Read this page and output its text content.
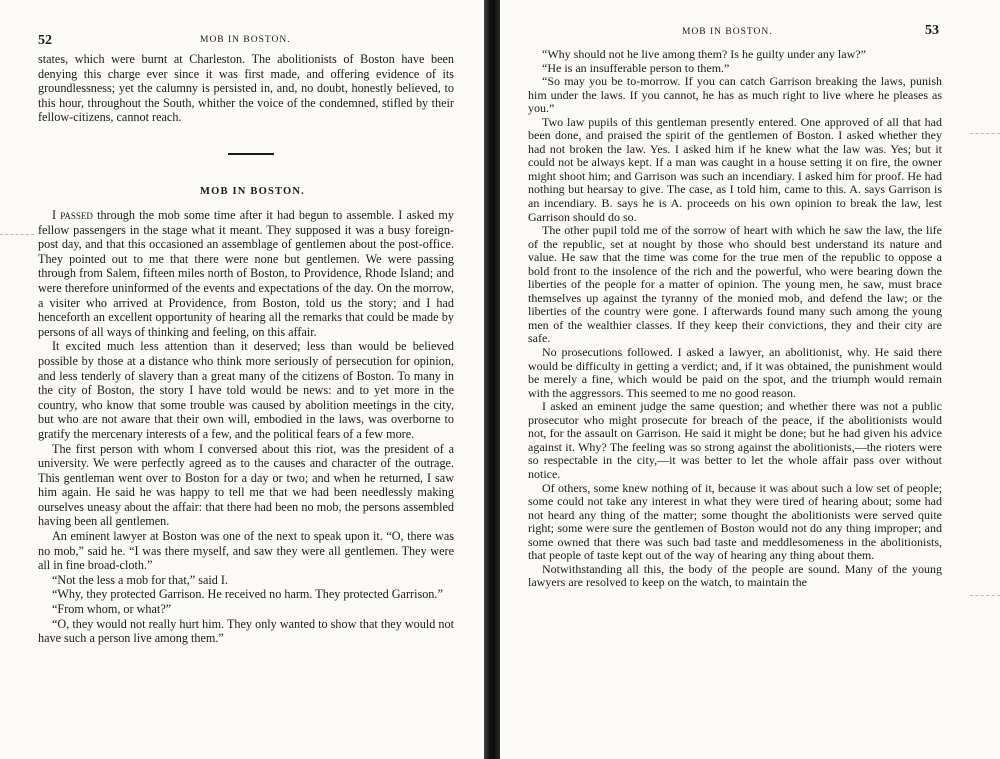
52	MOB IN BOSTON.

states, which were burnt at Charleston. The abolitionists of Boston have been denying this charge ever since it was first made, and offering evidence of its groundlessness; yet the calumny is persisted in, and, no doubt, honestly believed, to this hour, throughout the South, whither the voice of the condemned, stifled by their fellow-citizens, cannot reach.

MOB IN BOSTON.

I passed through the mob some time after it had begun to assemble. I asked my fellow passengers in the stage what it meant. They supposed it was a busy foreign-post day, and that this occasioned an assemblage of gentlemen about the post-office. They pointed out to me that there were none but gentlemen. We were passing through from Salem, fifteen miles north of Boston, to Providence, Rhode Island; and were therefore uninformed of the events and expectations of the day. On the morrow, a visiter who arrived at Providence, from Boston, told us the story; and I had henceforth an excellent opportunity of hearing all the remarks that could be made by persons of all ways of thinking and feeling, on this affair.

It excited much less attention than it deserved; less than would be believed possible by those at a distance who think more seriously of persecution for opinion, and less tenderly of slavery than a great many of the citizens of Boston. To many in the city of Boston, the story I have told would be news: and to yet more in the country, who know that some trouble was caused by abolition meetings in the city, but who are not aware that their own will, embodied in the laws, was overborne to gratify the mercenary interests of a few, and the political fears of a few more.

The first person with whom I conversed about this riot, was the president of a university. We were perfectly agreed as to the causes and character of the outrage. This gentleman went over to Boston for a day or two; and when he returned, I saw him again. He said he was happy to tell me that we had been needlessly making ourselves uneasy about the affair: that there had been no mob, the persons assembled having been all gentlemen.

An eminent lawyer at Boston was one of the next to speak upon it. “O, there was no mob,” said he. “I was there myself, and saw they were all gentlemen. They were all in fine broad-cloth.”

“Not the less a mob for that,” said I.

“Why, they protected Garrison. He received no harm. They protected Garrison.”

“From whom, or what?”

“O, they would not really hurt him. They only wanted to show that they would not have such a person live among them.”

MOB IN BOSTON.	53

“Why should not he live among them? Is he guilty under any law?”

“He is an insufferable person to them.”

“So may you be to-morrow. If you can catch Garrison breaking the laws, punish him under the laws. If you cannot, he has as much right to live where he pleases as you.”

Two law pupils of this gentleman presently entered. One approved of all that had been done, and praised the spirit of the gentlemen of Boston. I asked whether they had not broken the law. Yes. I asked him if he knew what the law was. Yes; but it could not be always kept. If a man was caught in a house setting it on fire, the owner might shoot him; and Garrison was such an incendiary. I asked him for proof. He had nothing but hearsay to give. The case, as I told him, came to this. A. says Garrison is an incendiary. B. says he is A. proceeds on his own opinion to break the law, lest Garrison should do so.

The other pupil told me of the sorrow of heart with which he saw the law, the life of the republic, set at nought by those who should best understand its nature and value. He saw that the time was come for the true men of the republic to oppose a bold front to the insolence of the rich and the powerful, who were bearing down the liberties of the people for a matter of opinion. The young men, he saw, must brace themselves up against the tyranny of the monied mob, and defend the law; or the liberties of the country were gone. I afterwards found many such among the young men of the wealthier classes. If they keep their convictions, they and their city are safe.

No prosecutions followed. I asked a lawyer, an abolitionist, why. He said there would be difficulty in getting a verdict; and, if it was obtained, the punishment would be merely a fine, which would be paid on the spot, and the triumph would remain with the aggressors. This seemed to me no good reason.

I asked an eminent judge the same question; and whether there was not a public prosecutor who might prosecute for breach of the peace, if the abolitionists would not, for the assault on Garrison. He said it might be done; but he had given his advice against it. Why? The feeling was so strong against the abolitionists,—the rioters were so respectable in the city,—it was better to let the whole affair pass over without notice.

Of others, some knew nothing of it, because it was about such a low set of people; some could not take any interest in what they were tired of hearing about; some had not heard any thing of the matter; some thought the abolitionists were served quite right; some were sure the gentlemen of Boston would not do any thing improper; and some owned that there was such bad taste and meddlesomeness in the abolitionists, that people of taste kept out of the way of hearing any thing about them.

Notwithstanding all this, the body of the people are sound. Many of the young lawyers are resolved to keep on the watch, to maintain the
